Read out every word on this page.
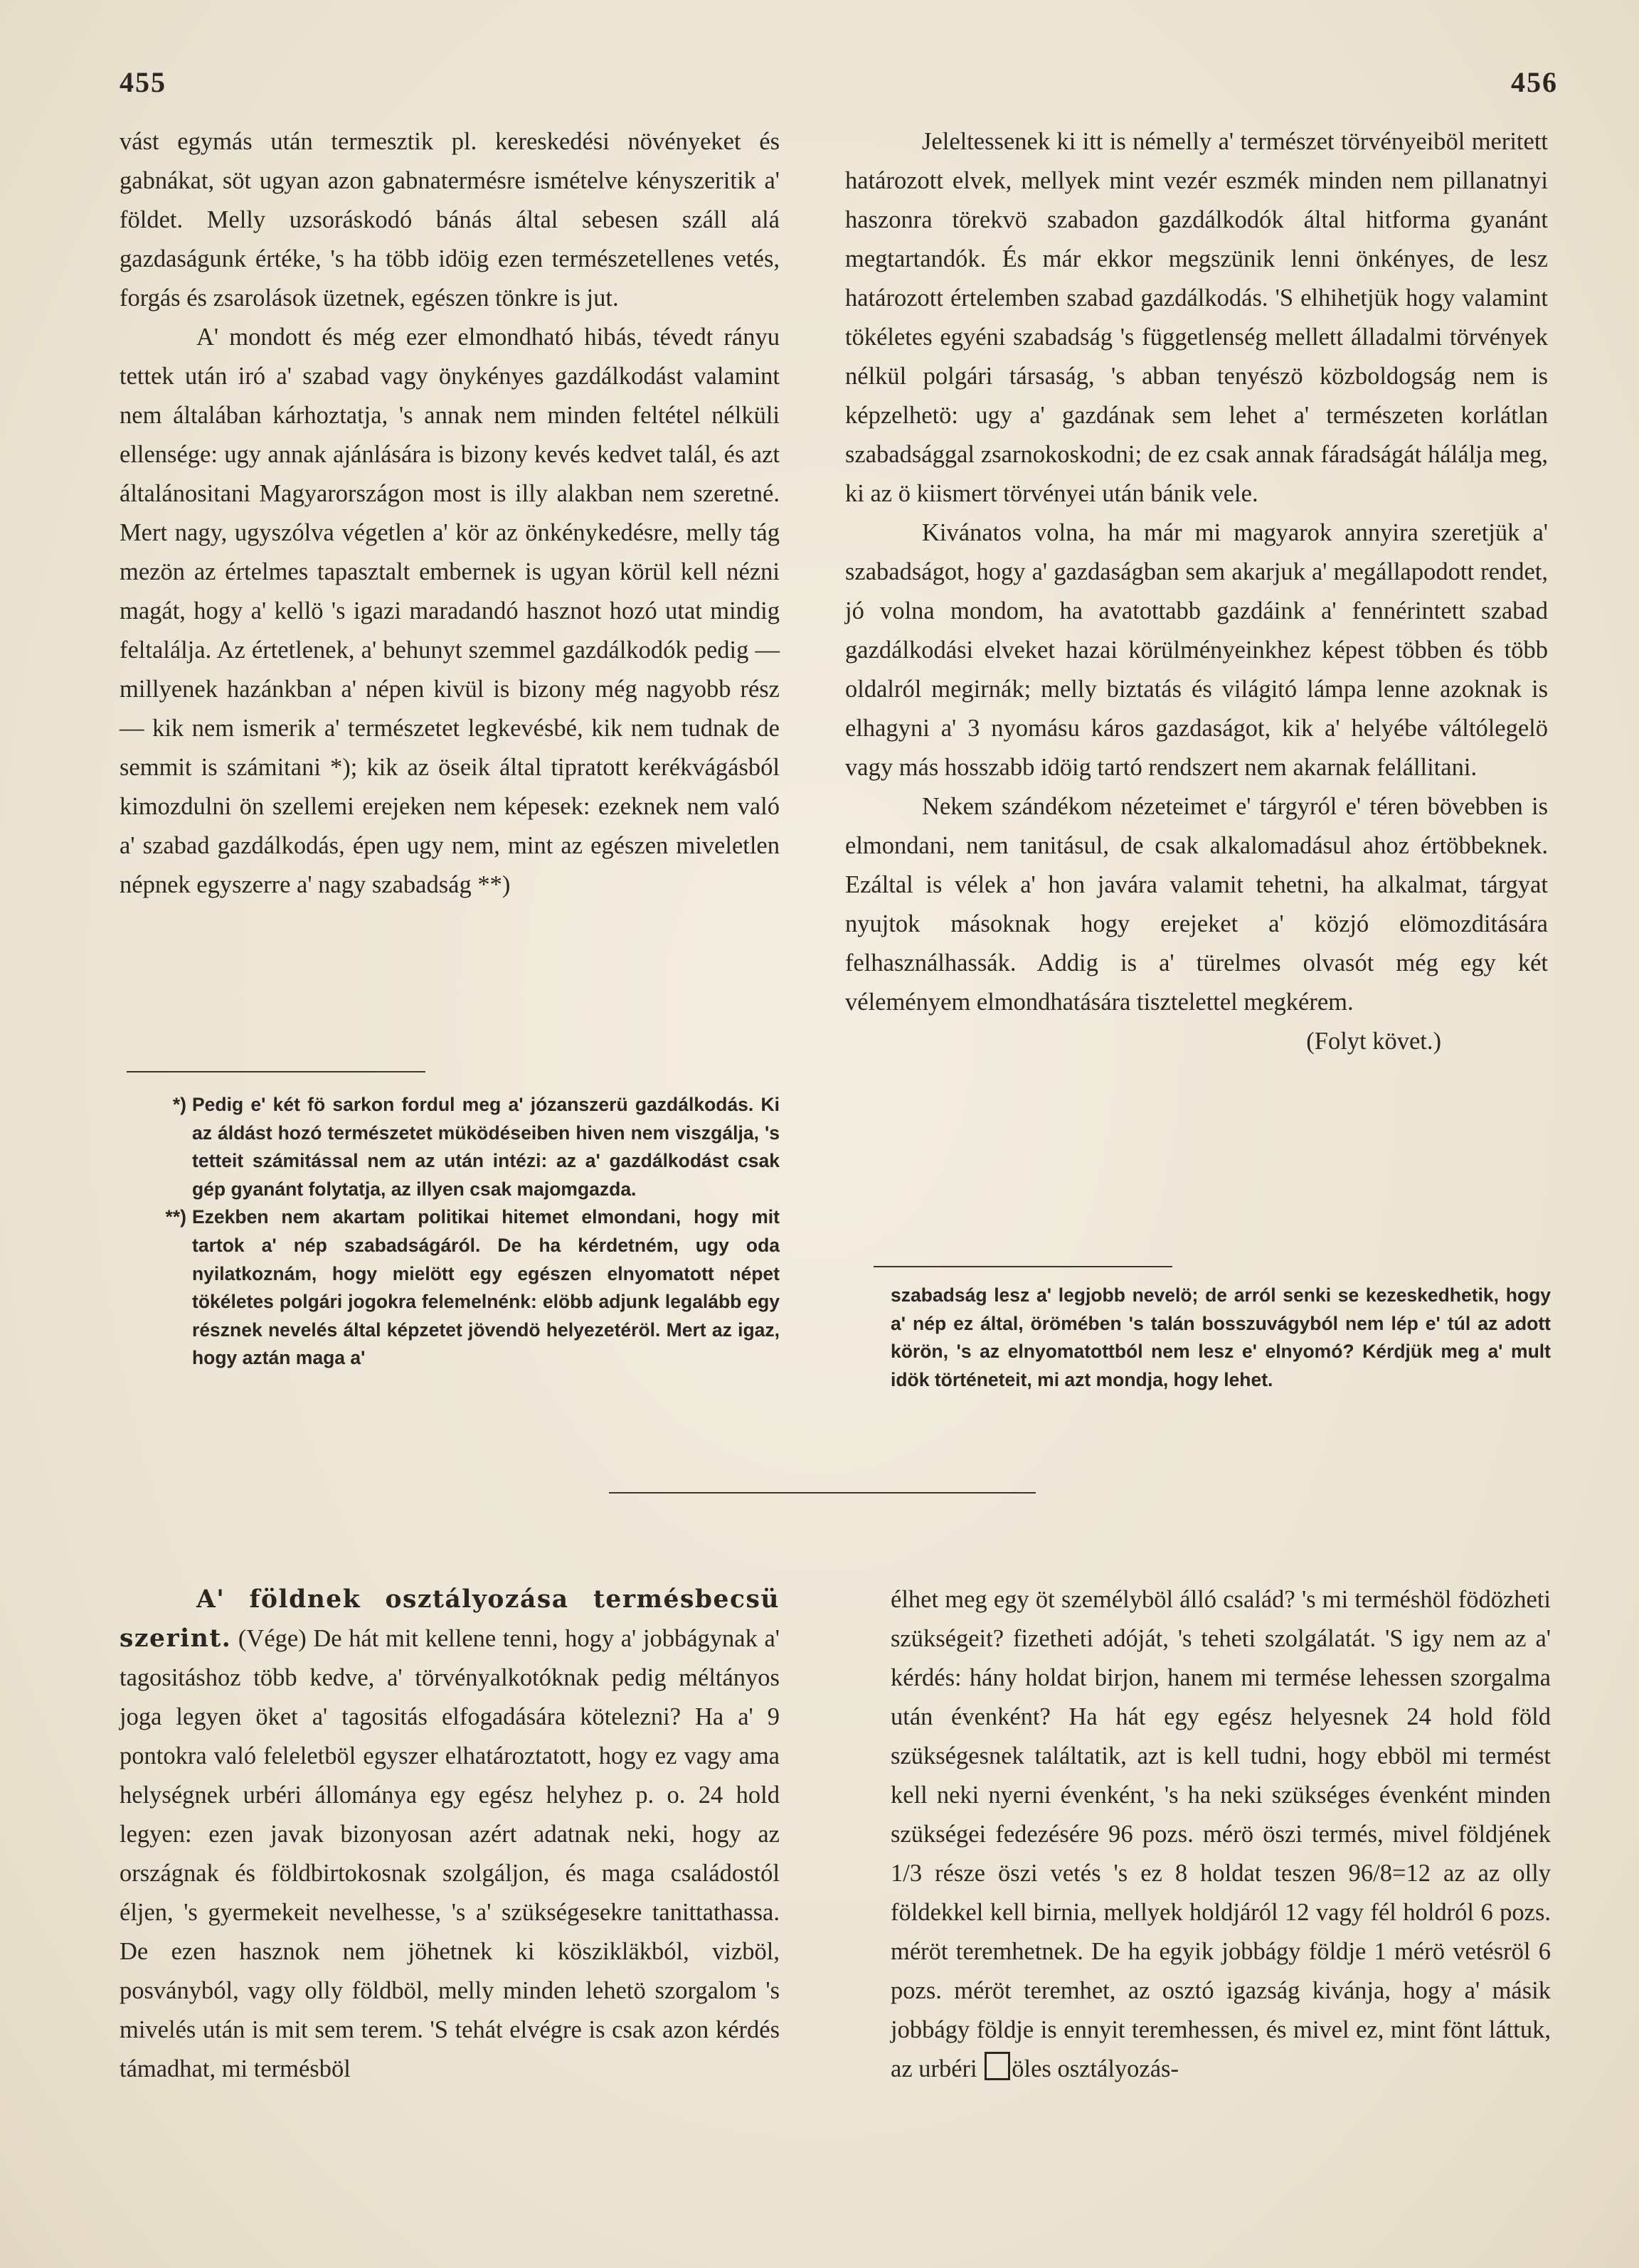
455	456

vást egymás után termesztik pl. kereskedési növényeket és gabnákat, söt ugyan azon gabnatermésre ismételve kényszeritik a' földet. Melly uzsoráskodó bánás által sebesen száll alá gazdaságunk értéke, 's ha több idöig ezen természetellenes vetés, forgás és zsarolások üzetnek, egészen tönkre is jut.

A' mondott és még ezer elmondható hibás, tévedt rányu tettek után iró a' szabad vagy önykényes gazdálkodást valamint nem általában kárhoztatja, 's annak nem minden feltétel nélküli ellensége: ugy annak ajánlására is bizony kevés kedvet talál, és azt általánositani Magyarországon most is illy alakban nem szeretné. Mert nagy, ugyszólva végetlen a' kör az önkénykedésre, melly tág mezön az értelmes tapasztalt embernek is ugyan körül kell nézni magát, hogy a' kellö 's igazi maradandó hasznot hozó utat mindig feltalálja. Az értetlenek, a' behunyt szemmel gazdálkodók pedig — millyenek hazánkban a' népen kivül is bizony még nagyobb rész — kik nem ismerik a' természetet legkevésbé, kik nem tudnak de semmit is számitani *); kik az öseik által tipratott kerékvágásból kimozdulni ön szellemi erejeken nem képesek: ezeknek nem való a' szabad gazdálkodás, épen ugy nem, mint az egészen miveletlen népnek egyszerre a' nagy szabadság **)

*) Pedig e' két fö sarkon fordul meg a' józanszerü gazdálkodás. Ki az áldást hozó természetet müködéseiben hiven nem viszgálja, 's tetteit számitással nem az után intézi: az a' gazdálkodást csak gép gyanánt folytatja, az illyen csak majomgazda.
**) Ezekben nem akartam politikai hitemet elmondani, hogy mit tartok a' nép szabadságáról. De ha kérdetném, ugy oda nyilatkoznám, hogy mielött egy egészen elnyomatott népet tökéletes polgári jogokra felemelnénk: elöbb adjunk legalább egy résznek nevelés által képzetet jövendö helyezetéröl. Mert az igaz, hogy aztán maga a'

Jeleltessenek ki itt is némelly a' természet törvényeiböl meritett határozott elvek, mellyek mint vezér eszmék minden nem pillanatnyi haszonra törekvö szabadon gazdálkodók által hitforma gyanánt megtartandók. És már ekkor megszünik lenni önkényes, de lesz határozott értelemben szabad gazdálkodás. 'S elhihetjük hogy valamint tökéletes egyéni szabadság 's függetlenség mellett álladalmi törvények nélkül polgári társaság, 's abban tenyészö közboldogság nem is képzelhetö: ugy a' gazdának sem lehet a' természeten korlátlan szabadsággal zsarnokoskodni; de ez csak annak fáradságát hálálja meg, ki az ö kiismert törvényei után bánik vele.

Kivánatos volna, ha már mi magyarok annyira szeretjük a' szabadságot, hogy a' gazdaságban sem akarjuk a' megállapodott rendet, jó volna mondom, ha avatottabb gazdáink a' fennérintett szabad gazdálkodási elveket hazai körülményeinkhez képest többen és több oldalról megirnák; melly biztatás és világitó lámpa lenne azoknak is elhagyni a' 3 nyomásu káros gazdaságot, kik a' helyébe váltólegelö vagy más hosszabb idöig tartó rendszert nem akarnak felállitani.

Nekem szándékom nézeteimet e' tárgyról e' téren bövebben is elmondani, nem tanitásul, de csak alkalomadásul ahoz értöbbeknek. Ezáltal is vélek a' hon javára valamit tehetni, ha alkalmat, tárgyat nyujtok másoknak hogy erejeket a' közjó elömozditására felhasználhassák. Addig is a' türelmes olvasót még egy két véleményem elmondhatására tisztelettel megkérem.

(Folyt követ.)

szabadság lesz a' legjobb nevelö; de arról senki se kezeskedhetik, hogy a' nép ez által, örömében 's talán bosszuvágyból nem lép e' túl az adott körön, 's az elnyomatottból nem lesz e' elnyomó? Kérdjük meg a' mult idök történeteit, mi azt mondja, hogy lehet.

A' földnek osztályozása termésbecsü szerint. (Vége) De hát mit kellene tenni, hogy a' jobbágynak a' tagositáshoz több kedve, a' törvényalkotóknak pedig méltányos joga legyen öket a' tagositás elfogadására kötelezni? Ha a' 9 pontokra való feleletböl egyszer elhatároztatott, hogy ez vagy ama helységnek urbéri állománya egy egész helyhez p. o. 24 hold legyen: ezen javak bizonyosan azért adatnak neki, hogy az országnak és földbirtokosnak szolgáljon, és maga családostól éljen, 's gyermekeit nevelhesse, 's a' szükségesekre tanittathassa. De ezen hasznok nem jöhetnek ki köszikläkból, vizböl, posványból, vagy olly földböl, melly minden lehetö szorgalom 's mivelés után is mit sem terem. 'S tehát elvégre is csak azon kérdés támadhat, mi termésböl

élhet meg egy öt személyböl álló család? 's mi terméshöl födözheti szükségeit? fizetheti adóját, 's teheti szolgálatát. 'S igy nem az a' kérdés: hány holdat birjon, hanem mi termése lehessen szorgalma után évenként? Ha hát egy egész helyesnek 24 hold föld szükségesnek találtatik, azt is kell tudni, hogy ebböl mi termést kell neki nyerni évenként, 's ha neki szükséges évenként minden szükségei fedezésére 96 pozs. mérö öszi termés, mivel földjének 1/3 része öszi vetés 's ez 8 holdat teszen 96/8=12 az az olly földekkel kell birnia, mellyek holdjáról 12 vagy fél holdról 6 pozs. méröt teremhetnek. De ha egyik jobbágy földje 1 mérö vetésröl 6 pozs. méröt teremhet, az osztó igazság kivánja, hogy a' másik jobbágy földje is ennyit teremhessen, és mivel ez, mint fönt láttuk, az urbéri öles osztályozás-
